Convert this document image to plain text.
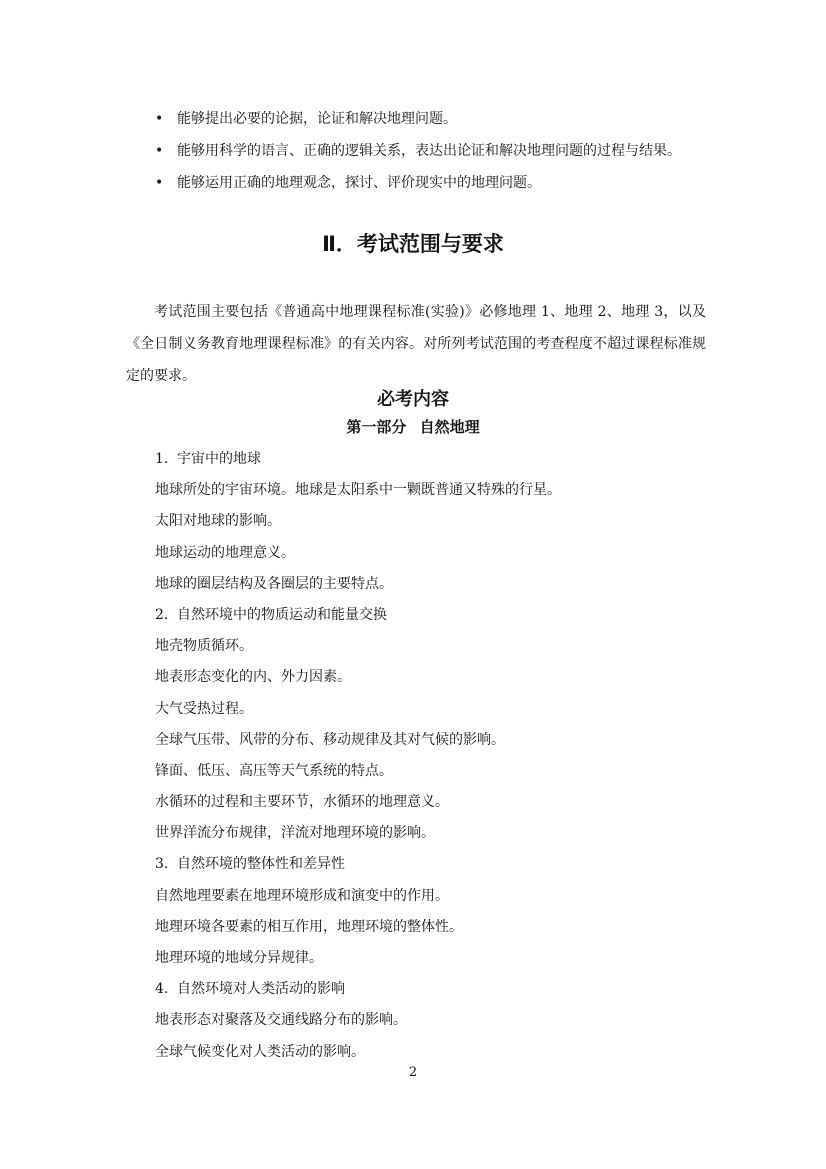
• 能够提出必要的论据，论证和解决地理问题。
• 能够用科学的语言、正确的逻辑关系，表达出论证和解决地理问题的过程与结果。
• 能够运用正确的地理观念，探讨、评价现实中的地理问题。
Ⅱ．考试范围与要求

考试范围主要包括《普通高中地理课程标准(实验)》必修地理 1、地理 2、地理 3，以及《全日制义务教育地理课程标准》的有关内容。对所列考试范围的考查程度不超过课程标准规定的要求。

必考内容
第一部分 自然地理
1. 宇宙中的地球
地球所处的宇宙环境。地球是太阳系中一颗既普通又特殊的行星。
太阳对地球的影响。
地球运动的地理意义。
地球的圈层结构及各圈层的主要特点。
2. 自然环境中的物质运动和能量交换
地壳物质循环。
地表形态变化的内、外力因素。
大气受热过程。
全球气压带、风带的分布、移动规律及其对气候的影响。
锋面、低压、高压等天气系统的特点。
水循环的过程和主要环节，水循环的地理意义。
世界洋流分布规律，洋流对地理环境的影响。
3. 自然环境的整体性和差异性
自然地理要素在地理环境形成和演变中的作用。
地理环境各要素的相互作用，地理环境的整体性。
地理环境的地域分异规律。
4. 自然环境对人类活动的影响
地表形态对聚落及交通线路分布的影响。
全球气候变化对人类活动的影响。
2
